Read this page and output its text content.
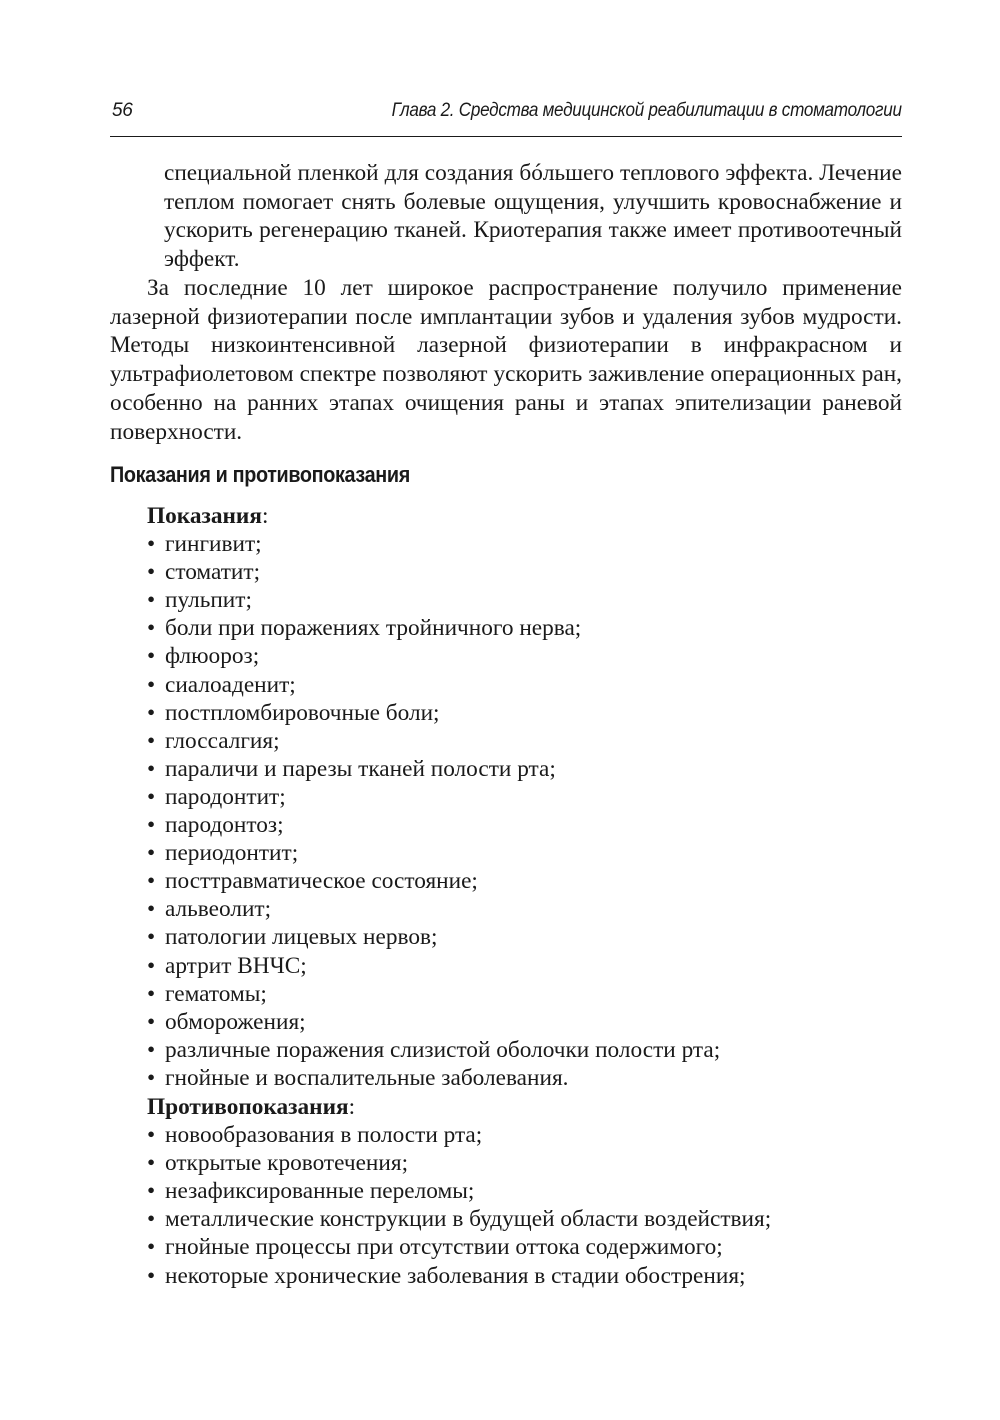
56	Глава 2. Средства медицинской реабилитации в стоматологии

специальной пленкой для создания бóльшего теплового эффекта. Лечение теплом помогает снять болевые ощущения, улучшить кровоснабжение и ускорить регенерацию тканей. Криотерапия также имеет противоотечный эффект.

За последние 10 лет широкое распространение получило применение лазерной физиотерапии после имплантации зубов и удаления зубов мудрости. Методы низкоинтенсивной лазерной физиотерапии в инфракрасном и ультрафиолетовом спектре позволяют ускорить заживление операционных ран, особенно на ранних этапах очищения раны и этапах эпителизации раневой поверхности.

Показания и противопоказания
Показания:
• гингивит;
• стоматит;
• пульпит;
• боли при поражениях тройничного нерва;
• флюороз;
• сиалоаденит;
• постпломбировочные боли;
• глоссалгия;
• параличи и парезы тканей полости рта;
• пародонтит;
• пародонтоз;
• периодонтит;
• посттравматическое состояние;
• альвеолит;
• патологии лицевых нервов;
• артрит ВНЧС;
• гематомы;
• обморожения;
• различные поражения слизистой оболочки полости рта;
• гнойные и воспалительные заболевания.
Противопоказания:
• новообразования в полости рта;
• открытые кровотечения;
• незафиксированные переломы;
• металлические конструкции в будущей области воздействия;
• гнойные процессы при отсутствии оттока содержимого;
• некоторые хронические заболевания в стадии обострения;
